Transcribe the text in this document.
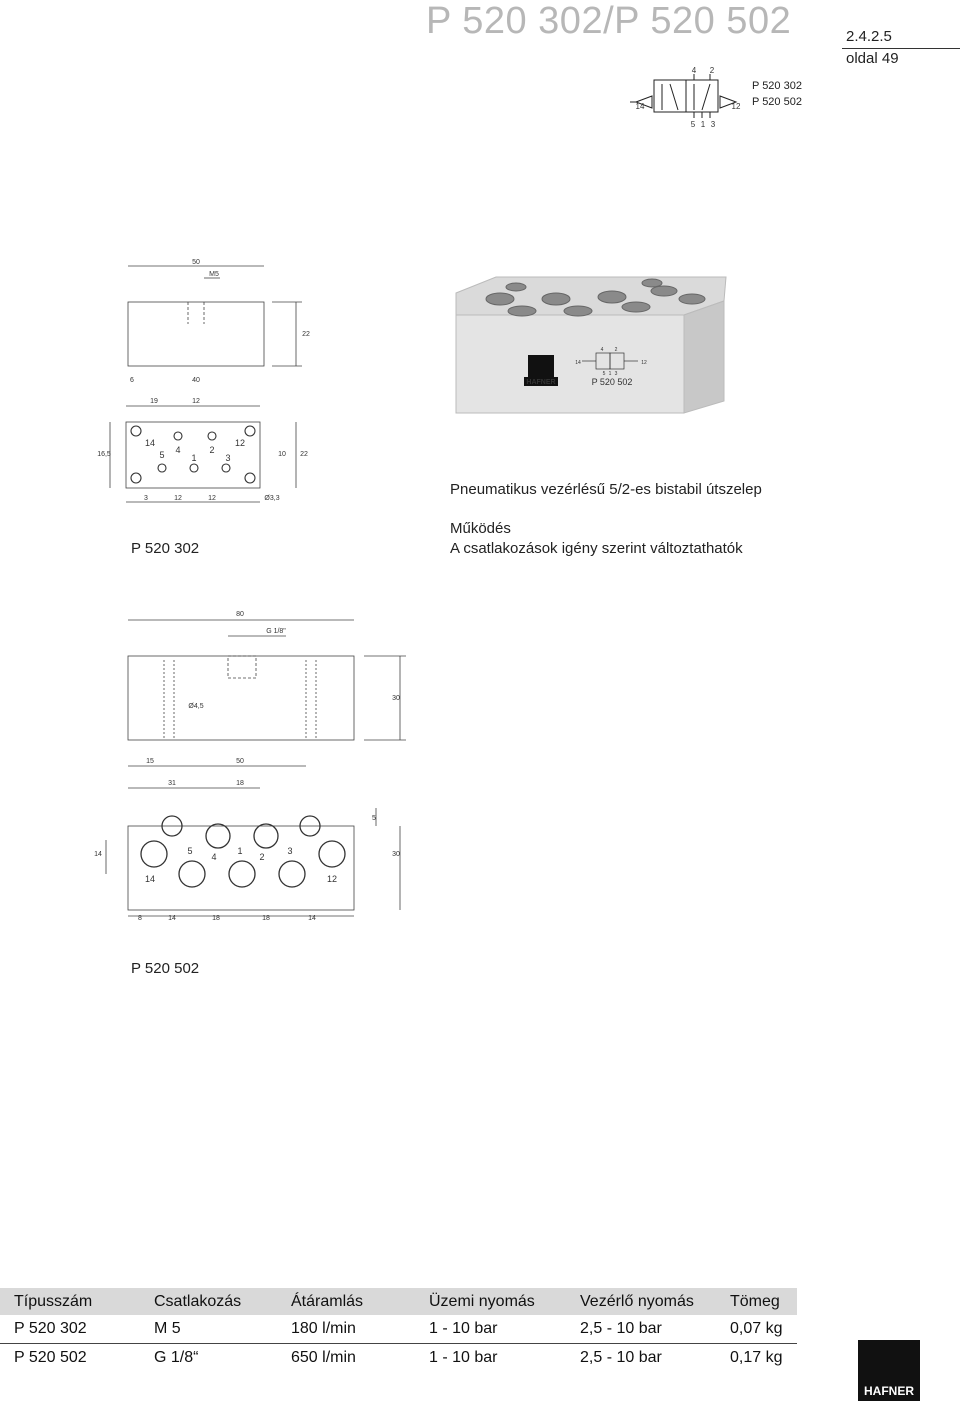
P 520 302/P 520 502	2.4.2.5
oldal 49
4 2
14	12
5 1 3
P 520 302
P 520 502
50
M5
22
6	40
19	12
16,5	10 22
3	12	12	Ø3,3
14	12
5 4	2
1	3
HAFNER
14
4 2
12
5 1 3
P 520 502
Pneumatikus vezérlésű 5/2-es bistabil útszelep
Működés
A csatlakozások igény szerint változtathatók
P 520 302
80
G 1/8"
Ø4,5
30
15	50
31	18
5
14	30
8	14	18	18	14
5
4
1
2
3
14	12
P 520 502
Típusszám	Csatlakozás	Átáramlás	Üzemi nyomás	Vezérlő nyomás	Tömeg
P 520 302	M 5	180 l/min	1 - 10 bar	2,5 - 10 bar	0,07 kg
P 520 502	G 1/8“	650 l/min	1 - 10 bar	2,5 - 10 bar	0,17 kg
HAFNER
